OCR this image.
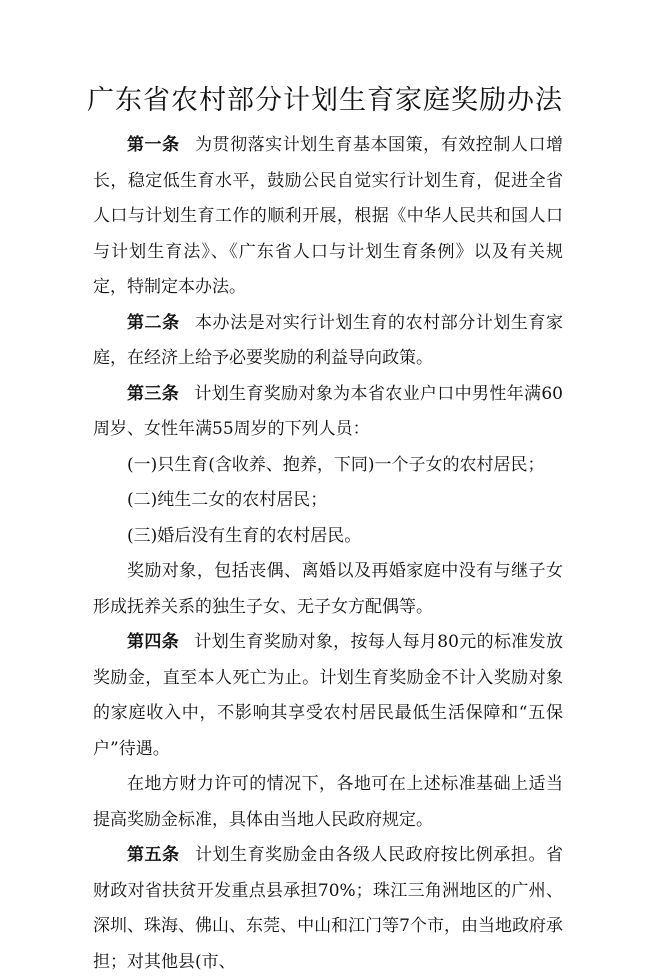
广东省农村部分计划生育家庭奖励办法

第一条 为贯彻落实计划生育基本国策，有效控制人口增长，稳定低生育水平，鼓励公民自觉实行计划生育，促进全省人口与计划生育工作的顺利开展，根据《中华人民共和国人口与计划生育法》、《广东省人口与计划生育条例》以及有关规定，特制定本办法。

第二条 本办法是对实行计划生育的农村部分计划生育家庭，在经济上给予必要奖励的利益导向政策。

第三条 计划生育奖励对象为本省农业户口中男性年满60周岁、女性年满55周岁的下列人员：

(一)只生育(含收养、抱养，下同)一个子女的农村居民；

(二)纯生二女的农村居民；

(三)婚后没有生育的农村居民。

奖励对象，包括丧偶、离婚以及再婚家庭中没有与继子女形成抚养关系的独生子女、无子女方配偶等。

第四条 计划生育奖励对象，按每人每月80元的标准发放奖励金，直至本人死亡为止。计划生育奖励金不计入奖励对象的家庭收入中，不影响其享受农村居民最低生活保障和“五保户”待遇。

在地方财力许可的情况下，各地可在上述标准基础上适当提高奖励金标准，具体由当地人民政府规定。

第五条 计划生育奖励金由各级人民政府按比例承担。省财政对省扶贫开发重点县承担70%；珠江三角洲地区的广州、深圳、珠海、佛山、东莞、中山和江门等7个市，由当地政府承担；对其他县(市、
